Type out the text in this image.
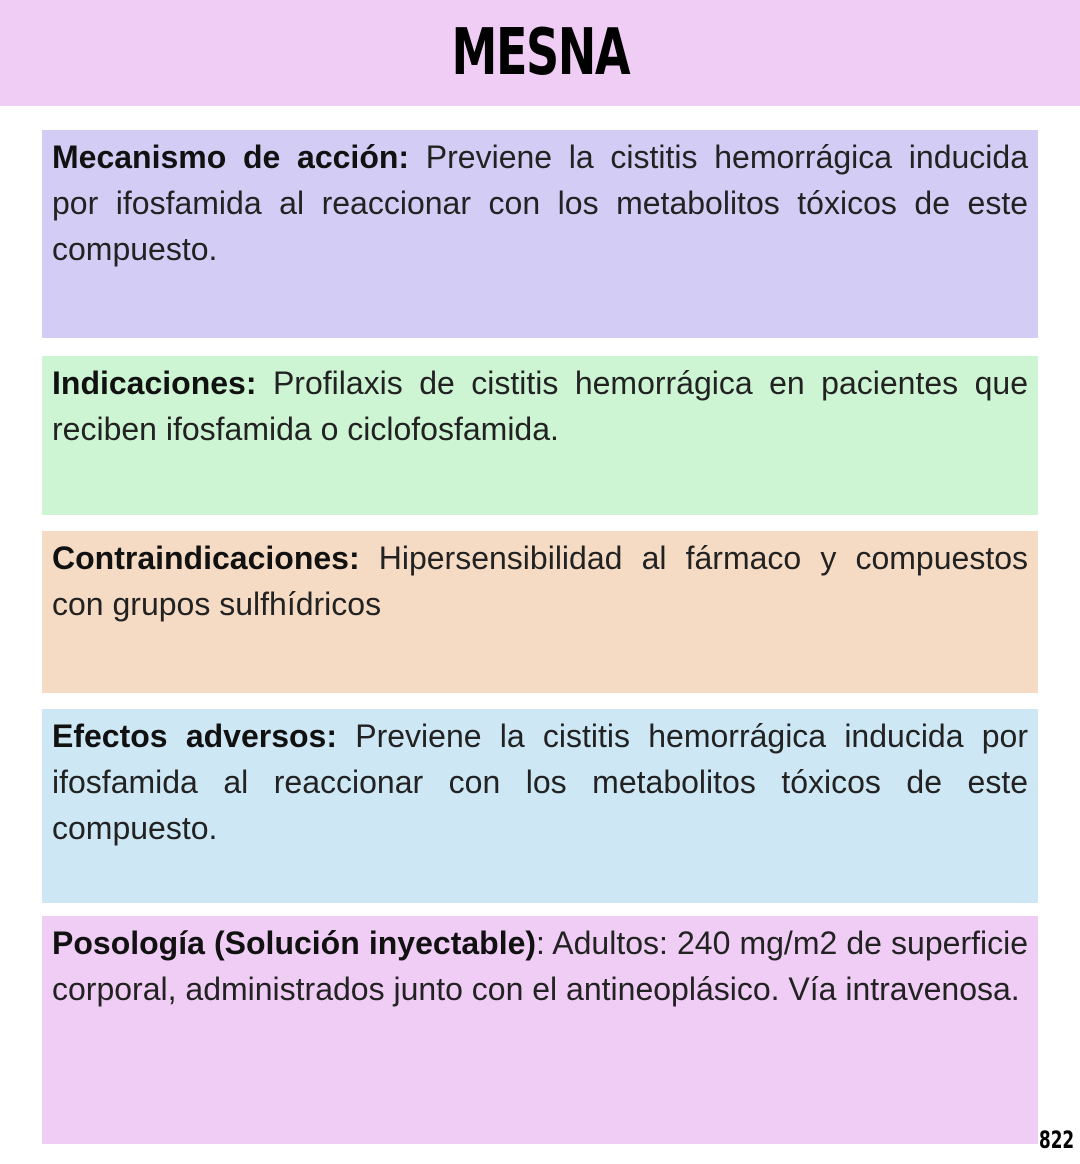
MESNA
Mecanismo de acción: Previene la cistitis hemorrágica inducida por ifosfamida al reaccionar con los metabolitos tóxicos de este compuesto.
Indicaciones: Profilaxis de cistitis hemorrágica en pacientes que reciben ifosfamida o ciclofosfamida.
Contraindicaciones: Hipersensibilidad al fármaco y compuestos con grupos sulfhídricos
Efectos adversos: Previene la cistitis hemorrágica inducida por ifosfamida al reaccionar con los metabolitos tóxicos de este compuesto.
Posología (Solución inyectable): Adultos: 240 mg/m2 de superficie corporal, administrados junto con el antineoplásico. Vía intravenosa.
822
